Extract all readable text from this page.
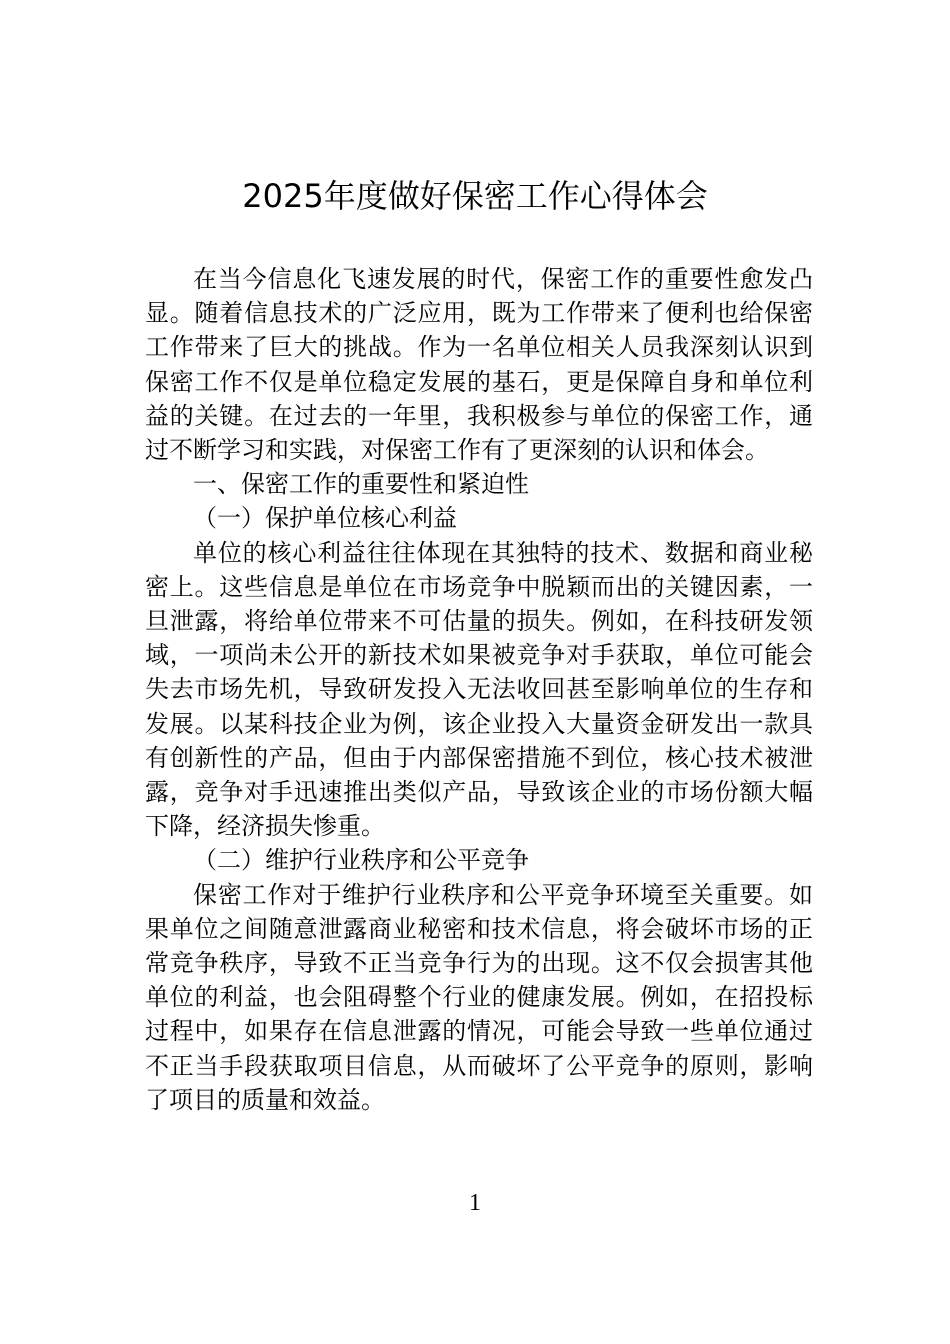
2025年度做好保密工作心得体会

在当今信息化飞速发展的时代，保密工作的重要性愈发凸显。随着信息技术的广泛应用，既为工作带来了便利也给保密工作带来了巨大的挑战。作为一名单位相关人员我深刻认识到保密工作不仅是单位稳定发展的基石，更是保障自身和单位利益的关键。在过去的一年里，我积极参与单位的保密工作，通过不断学习和实践，对保密工作有了更深刻的认识和体会。

一、保密工作的重要性和紧迫性

（一）保护单位核心利益

单位的核心利益往往体现在其独特的技术、数据和商业秘密上。这些信息是单位在市场竞争中脱颖而出的关键因素，一旦泄露，将给单位带来不可估量的损失。例如，在科技研发领域，一项尚未公开的新技术如果被竞争对手获取，单位可能会失去市场先机，导致研发投入无法收回甚至影响单位的生存和发展。以某科技企业为例，该企业投入大量资金研发出一款具有创新性的产品，但由于内部保密措施不到位，核心技术被泄露，竞争对手迅速推出类似产品，导致该企业的市场份额大幅下降，经济损失惨重。

（二）维护行业秩序和公平竞争

保密工作对于维护行业秩序和公平竞争环境至关重要。如果单位之间随意泄露商业秘密和技术信息，将会破坏市场的正常竞争秩序，导致不正当竞争行为的出现。这不仅会损害其他单位的利益，也会阻碍整个行业的健康发展。例如，在招投标过程中，如果存在信息泄露的情况，可能会导致一些单位通过不正当手段获取项目信息，从而破坏了公平竞争的原则，影响了项目的质量和效益。

1
